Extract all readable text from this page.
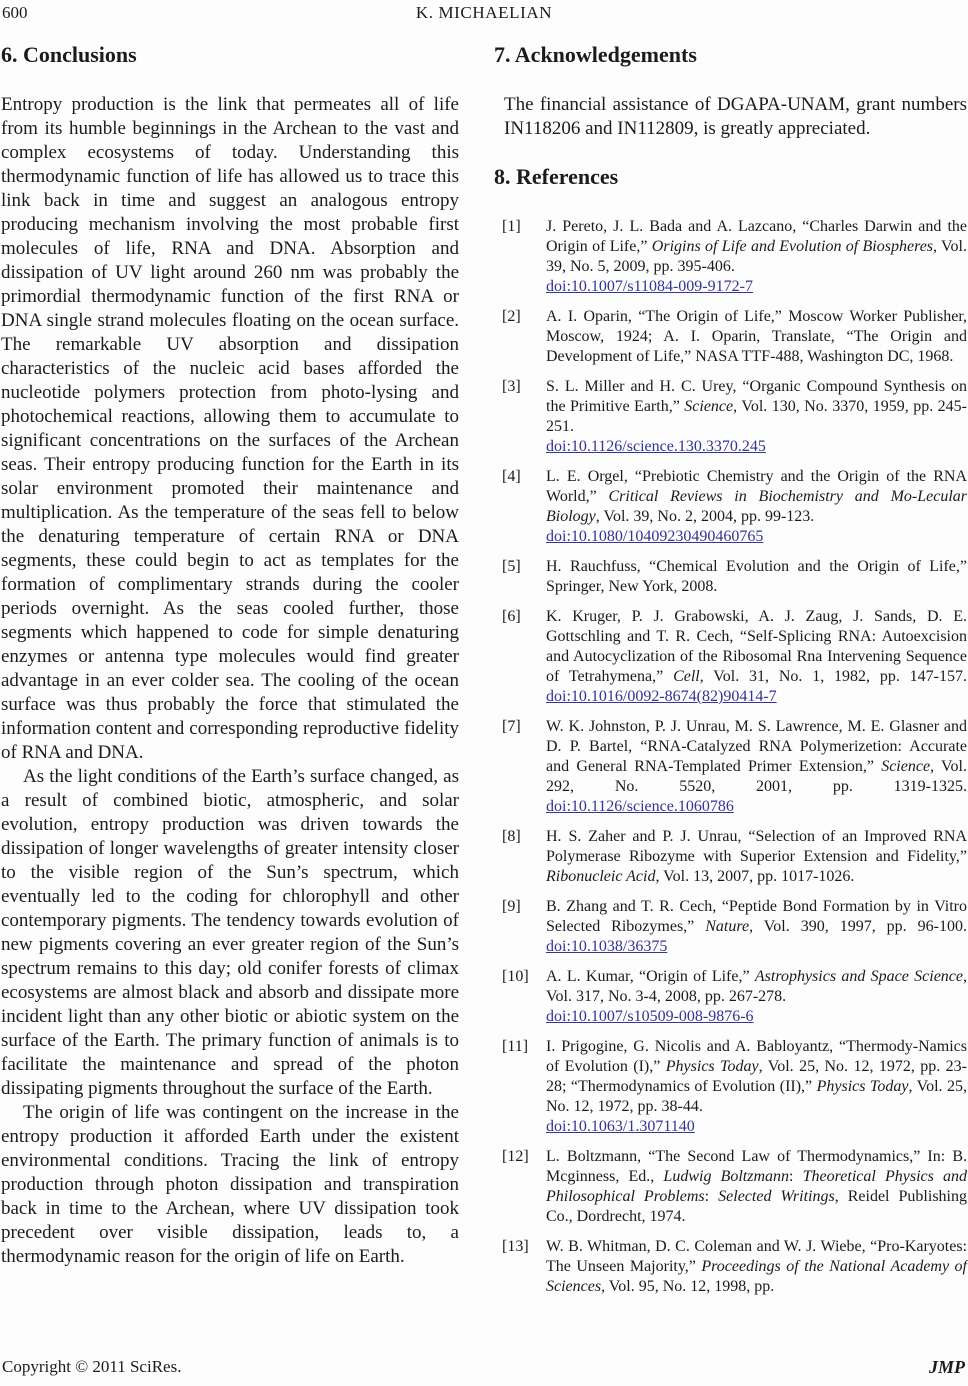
600	K. MICHAELIAN
6. Conclusions

Entropy production is the link that permeates all of life from its humble beginnings in the Archean to the vast and complex ecosystems of today. Understanding this thermodynamic function of life has allowed us to trace this link back in time and suggest an analogous entropy producing mechanism involving the most probable first molecules of life, RNA and DNA. Absorption and dissipation of UV light around 260 nm was probably the primordial thermodynamic function of the first RNA or DNA single strand molecules floating on the ocean surface. The remarkable UV absorption and dissipation characteristics of the nucleic acid bases afforded the nucleotide polymers protection from photo-lysing and photochemical reactions, allowing them to accumulate to significant concentrations on the surfaces of the Archean seas. Their entropy producing function for the Earth in its solar environment promoted their maintenance and multiplication. As the temperature of the seas fell to below the denaturing temperature of certain RNA or DNA segments, these could begin to act as templates for the formation of complimentary strands during the cooler periods overnight. As the seas cooled further, those segments which happened to code for simple denaturing enzymes or antenna type molecules would find greater advantage in an ever colder sea. The cooling of the ocean surface was thus probably the force that stimulated the information content and corresponding reproductive fidelity of RNA and DNA.

As the light conditions of the Earth’s surface changed, as a result of combined biotic, atmospheric, and solar evolution, entropy production was driven towards the dissipation of longer wavelengths of greater intensity closer to the visible region of the Sun’s spectrum, which eventually led to the coding for chlorophyll and other contemporary pigments. The tendency towards evolution of new pigments covering an ever greater region of the Sun’s spectrum remains to this day; old conifer forests of climax ecosystems are almost black and absorb and dissipate more incident light than any other biotic or abiotic system on the surface of the Earth. The primary function of animals is to facilitate the maintenance and spread of the photon dissipating pigments throughout the surface of the Earth.

The origin of life was contingent on the increase in the entropy production it afforded Earth under the existent environmental conditions. Tracing the link of entropy production through photon dissipation and transpiration back in time to the Archean, where UV dissipation took precedent over visible dissipation, leads to, a thermodynamic reason for the origin of life on Earth.

7. Acknowledgements

The financial assistance of DGAPA-UNAM, grant numbers IN118206 and IN112809, is greatly appreciated.

8. References
[1] J. Pereto, J. L. Bada and A. Lazcano, “Charles Darwin and the Origin of Life,” Origins of Life and Evolution of Biospheres, Vol. 39, No. 5, 2009, pp. 395-406.
doi:10.1007/s11084-009-9172-7
[2] A. I. Oparin, “The Origin of Life,” Moscow Worker Publisher, Moscow, 1924; A. I. Oparin, Translate, “The Origin and Development of Life,” NASA TTF-488, Washington DC, 1968.
[3] S. L. Miller and H. C. Urey, “Organic Compound Synthesis on the Primitive Earth,” Science, Vol. 130, No. 3370, 1959, pp. 245-251.
doi:10.1126/science.130.3370.245
[4] L. E. Orgel, “Prebiotic Chemistry and the Origin of the RNA World,” Critical Reviews in Biochemistry and Mo-Lecular Biology, Vol. 39, No. 2, 2004, pp. 99-123.
doi:10.1080/10409230490460765
[5] H. Rauchfuss, “Chemical Evolution and the Origin of Life,” Springer, New York, 2008.
[6] K. Kruger, P. J. Grabowski, A. J. Zaug, J. Sands, D. E. Gottschling and T. R. Cech, “Self-Splicing RNA: Autoexcision and Autocyclization of the Ribosomal Rna Intervening Sequence of Tetrahymena,” Cell, Vol. 31, No. 1, 1982, pp. 147-157. doi:10.1016/0092-8674(82)90414-7
[7] W. K. Johnston, P. J. Unrau, M. S. Lawrence, M. E. Glasner and D. P. Bartel, “RNA-Catalyzed RNA Polymerizetion: Accurate and General RNA-Templated Primer Extension,” Science, Vol. 292, No. 5520, 2001, pp. 1319-1325. doi:10.1126/science.1060786
[8] H. S. Zaher and P. J. Unrau, “Selection of an Improved RNA Polymerase Ribozyme with Superior Extension and Fidelity,” Ribonucleic Acid, Vol. 13, 2007, pp. 1017-1026.
[9] B. Zhang and T. R. Cech, “Peptide Bond Formation by in Vitro Selected Ribozymes,” Nature, Vol. 390, 1997, pp. 96-100. doi:10.1038/36375
[10] A. L. Kumar, “Origin of Life,” Astrophysics and Space Science, Vol. 317, No. 3-4, 2008, pp. 267-278.
doi:10.1007/s10509-008-9876-6
[11] I. Prigogine, G. Nicolis and A. Babloyantz, “Thermody-Namics of Evolution (I),” Physics Today, Vol. 25, No. 12, 1972, pp. 23-28; “Thermodynamics of Evolution (II),” Physics Today, Vol. 25, No. 12, 1972, pp. 38-44.
doi:10.1063/1.3071140
[12] L. Boltzmann, “The Second Law of Thermodynamics,” In: B. Mcginness, Ed., Ludwig Boltzmann: Theoretical Physics and Philosophical Problems: Selected Writings, Reidel Publishing Co., Dordrecht, 1974.
[13] W. B. Whitman, D. C. Coleman and W. J. Wiebe, “Pro-Karyotes: The Unseen Majority,” Proceedings of the National Academy of Sciences, Vol. 95, No. 12, 1998, pp.
Copyright © 2011 SciRes.	JMP
